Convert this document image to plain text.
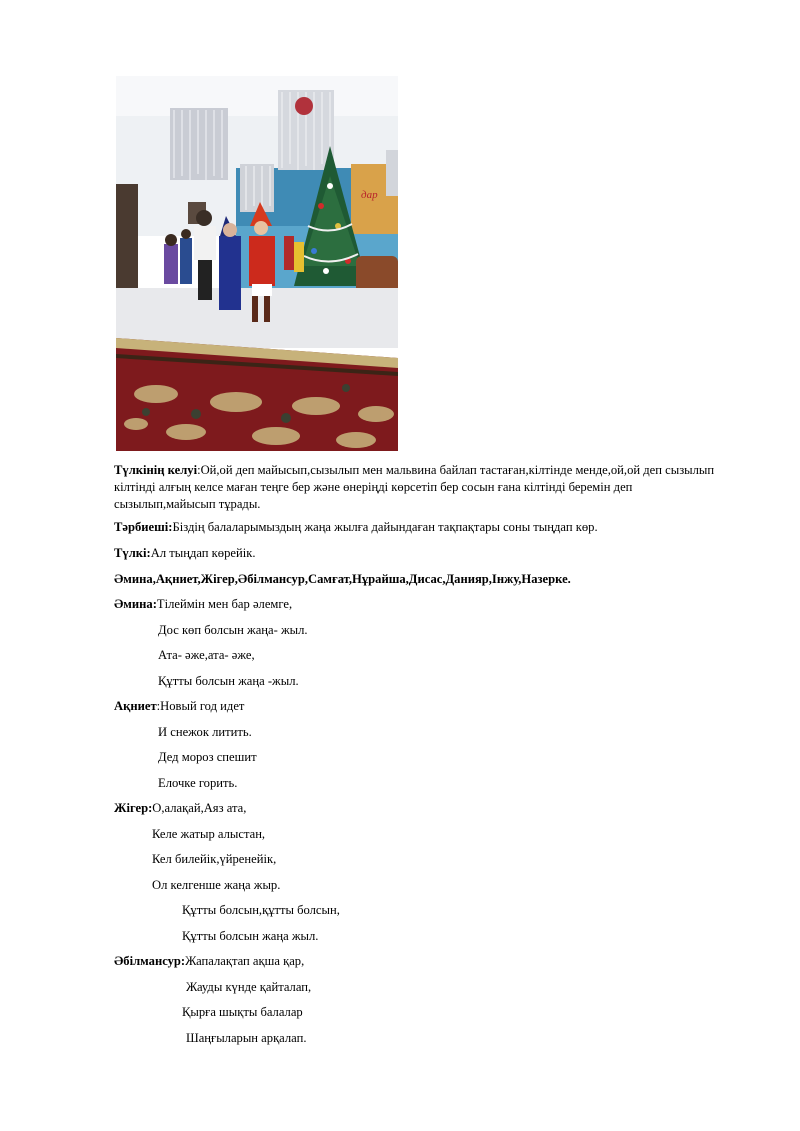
дар
Түлкінің келуі:Ой,ой деп майысып,сызылып мен мальвина байлап тастаған,кілтінде менде,ой,ой деп сызылып кілтінді алғың келсе маған теңге бер және өнеріңді көрсетіп бер сосын ғана кілтінді беремін деп сызылып,майысып тұрады.
Тәрбиеші:Біздің балаларымыздың жаңа жылға дайындаған тақпақтары соны тыңдап көр.
Түлкі:Ал тыңдап көрейік.
Әмина,Ақниет,Жігер,Әбілмансур,Самғат,Нұрайша,Дисас,Данияр,Інжу,Назерке.
Әмина:Тілеймін мен бар әлемге,
Дос көп болсын жаңа- жыл.
Ата- әже,ата- әже,
Құтты болсын жаңа -жыл.
Ақниет:Новый год идет
И снежок литить.
Дед мороз спешит
Елочке горить.
Жігер:О,алақай,Аяз ата,
Келе жатыр алыстан,
Кел билейік,үйренейік,
Ол келгенше жаңа жыр.
Құтты болсын,құтты болсын,
Құтты болсын жаңа жыл.
Әбілмансур:Жапалақтап ақша қар,
Жауды күнде қайталап,
Қырға шықты балалар
Шаңғыларын арқалап.
